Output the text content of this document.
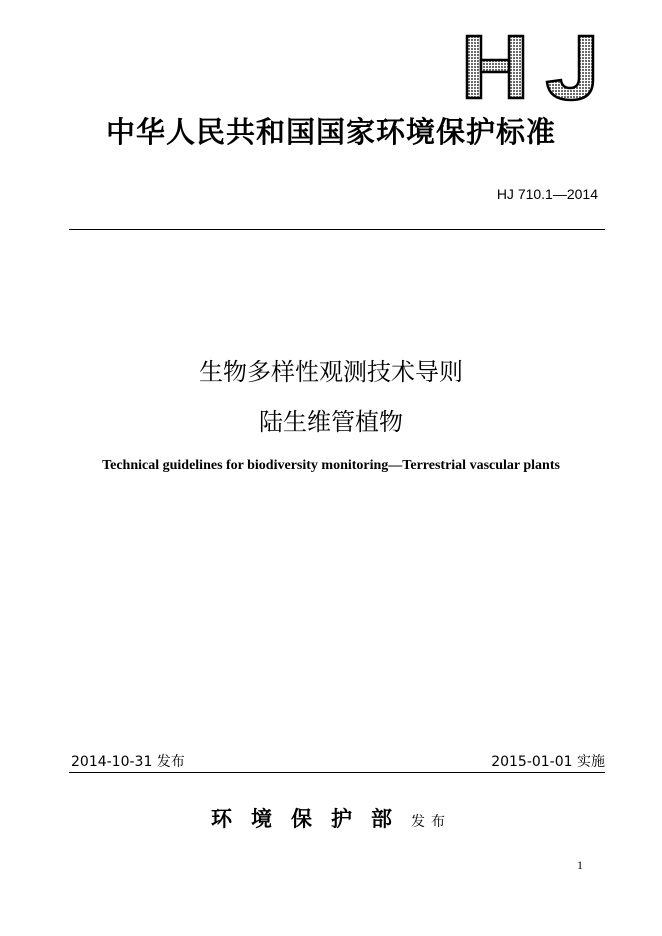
中华人民共和国国家环境保护标准
HJ 710.1—2014
生物多样性观测技术导则
陆生维管植物
Technical guidelines for biodiversity monitoring—Terrestrial vascular plants
2014-10-31 发布	2015-01-01 实施
环境保护部发布
1
